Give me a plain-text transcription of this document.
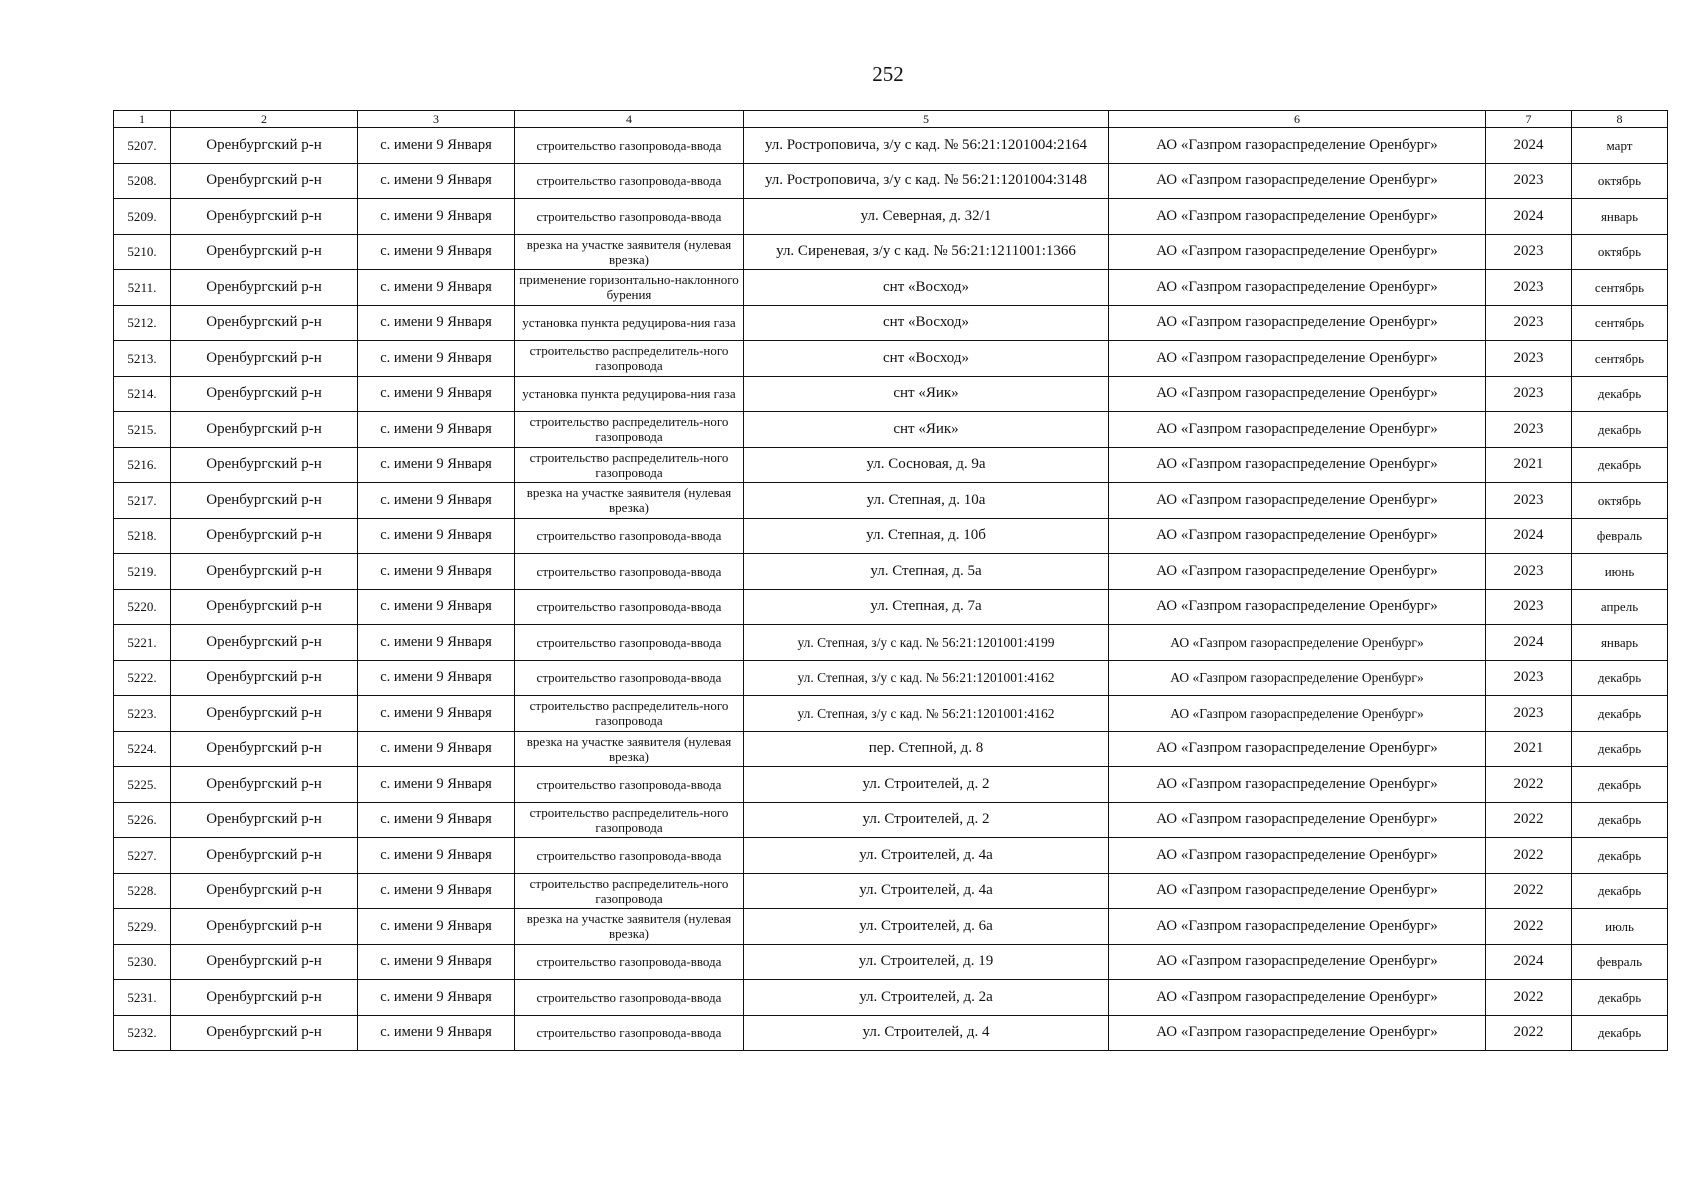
252
1	2	3	4	5	6	7	8
5207.	Оренбургский р-н	с. имени 9 Января	строительство газопровода-ввода	ул. Ростроповича, з/у с кад. № 56:21:1201004:2164	АО «Газпром газораспределение Оренбург»	2024	март
5208.	Оренбургский р-н	с. имени 9 Января	строительство газопровода-ввода	ул. Ростроповича, з/у с кад. № 56:21:1201004:3148	АО «Газпром газораспределение Оренбург»	2023	октябрь
5209.	Оренбургский р-н	с. имени 9 Января	строительство газопровода-ввода	ул. Северная, д. 32/1	АО «Газпром газораспределение Оренбург»	2024	январь
5210.	Оренбургский р-н	с. имени 9 Января	врезка на участке заявителя (нулевая врезка)	ул. Сиреневая, з/у с кад. № 56:21:1211001:1366	АО «Газпром газораспределение Оренбург»	2023	октябрь
5211.	Оренбургский р-н	с. имени 9 Января	применение горизонтально-наклонного бурения	снт «Восход»	АО «Газпром газораспределение Оренбург»	2023	сентябрь
5212.	Оренбургский р-н	с. имени 9 Января	установка пункта редуцирова-ния газа	снт «Восход»	АО «Газпром газораспределение Оренбург»	2023	сентябрь
5213.	Оренбургский р-н	с. имени 9 Января	строительство распределитель-ного газопровода	снт «Восход»	АО «Газпром газораспределение Оренбург»	2023	сентябрь
5214.	Оренбургский р-н	с. имени 9 Января	установка пункта редуцирова-ния газа	снт «Яик»	АО «Газпром газораспределение Оренбург»	2023	декабрь
5215.	Оренбургский р-н	с. имени 9 Января	строительство распределитель-ного газопровода	снт «Яик»	АО «Газпром газораспределение Оренбург»	2023	декабрь
5216.	Оренбургский р-н	с. имени 9 Января	строительство распределитель-ного газопровода	ул. Сосновая, д. 9а	АО «Газпром газораспределение Оренбург»	2021	декабрь
5217.	Оренбургский р-н	с. имени 9 Января	врезка на участке заявителя (нулевая врезка)	ул. Степная, д. 10а	АО «Газпром газораспределение Оренбург»	2023	октябрь
5218.	Оренбургский р-н	с. имени 9 Января	строительство газопровода-ввода	ул. Степная, д. 10б	АО «Газпром газораспределение Оренбург»	2024	февраль
5219.	Оренбургский р-н	с. имени 9 Января	строительство газопровода-ввода	ул. Степная, д. 5а	АО «Газпром газораспределение Оренбург»	2023	июнь
5220.	Оренбургский р-н	с. имени 9 Января	строительство газопровода-ввода	ул. Степная, д. 7а	АО «Газпром газораспределение Оренбург»	2023	апрель
5221.	Оренбургский р-н	с. имени 9 Января	строительство газопровода-ввода	ул. Степная, з/у с кад. № 56:21:1201001:4199	АО «Газпром газораспределение Оренбург»	2024	январь
5222.	Оренбургский р-н	с. имени 9 Января	строительство газопровода-ввода	ул. Степная, з/у с кад. № 56:21:1201001:4162	АО «Газпром газораспределение Оренбург»	2023	декабрь
5223.	Оренбургский р-н	с. имени 9 Января	строительство распределитель-ного газопровода	ул. Степная, з/у с кад. № 56:21:1201001:4162	АО «Газпром газораспределение Оренбург»	2023	декабрь
5224.	Оренбургский р-н	с. имени 9 Января	врезка на участке заявителя (нулевая врезка)	пер. Степной, д. 8	АО «Газпром газораспределение Оренбург»	2021	декабрь
5225.	Оренбургский р-н	с. имени 9 Января	строительство газопровода-ввода	ул. Строителей, д. 2	АО «Газпром газораспределение Оренбург»	2022	декабрь
5226.	Оренбургский р-н	с. имени 9 Января	строительство распределитель-ного газопровода	ул. Строителей, д. 2	АО «Газпром газораспределение Оренбург»	2022	декабрь
5227.	Оренбургский р-н	с. имени 9 Января	строительство газопровода-ввода	ул. Строителей, д. 4а	АО «Газпром газораспределение Оренбург»	2022	декабрь
5228.	Оренбургский р-н	с. имени 9 Января	строительство распределитель-ного газопровода	ул. Строителей, д. 4а	АО «Газпром газораспределение Оренбург»	2022	декабрь
5229.	Оренбургский р-н	с. имени 9 Января	врезка на участке заявителя (нулевая врезка)	ул. Строителей, д. 6а	АО «Газпром газораспределение Оренбург»	2022	июль
5230.	Оренбургский р-н	с. имени 9 Января	строительство газопровода-ввода	ул. Строителей, д. 19	АО «Газпром газораспределение Оренбург»	2024	февраль
5231.	Оренбургский р-н	с. имени 9 Января	строительство газопровода-ввода	ул. Строителей, д. 2а	АО «Газпром газораспределение Оренбург»	2022	декабрь
5232.	Оренбургский р-н	с. имени 9 Января	строительство газопровода-ввода	ул. Строителей, д. 4	АО «Газпром газораспределение Оренбург»	2022	декабрь
